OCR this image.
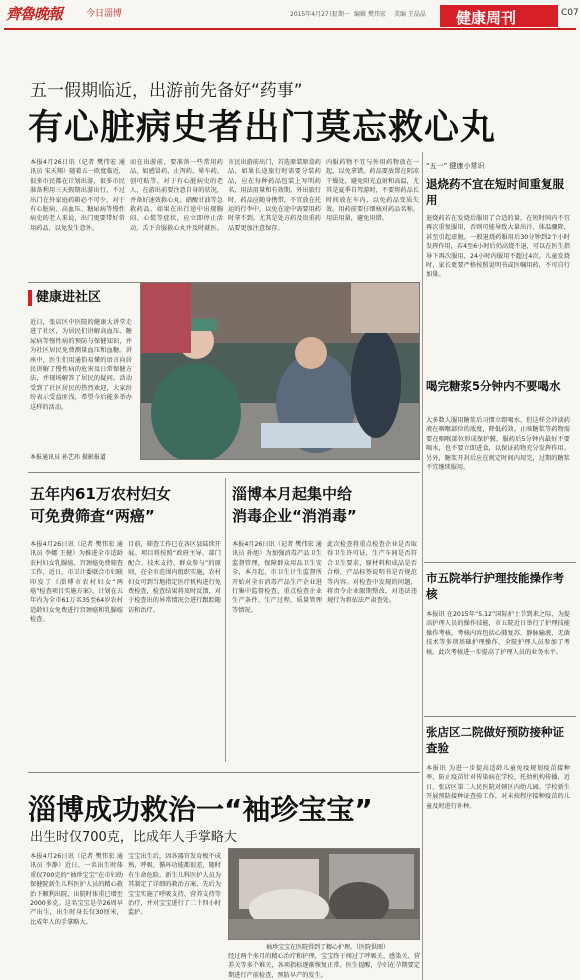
齊魯晚報	今日淄博	2015年4月27日
星期一 编辑 樊伟宏 美编 王晶晶 健康周刊	C07
五一假期临近，出游前先备好“药事”
有心脏病史者出门莫忘救心丸
本报4月26日讯（记者 樊伟宏 通讯员 宋天翔）随着五一欧度临近，很多市民都在计划出游，很多市民准备利用三天假期出游出行，不过出门在外家庭药箱必不可少，对于有心脏病、高血压、糖尿病等慢性病史的老人来说，出门更要带好常用药品，以免发生意外。
而在出游前，要准备一些常用药品，如感冒药、止泻药、晕车药、创可贴等。对于有心脏病史的老人，在游出前要注意自身的状况，并备好速效救心丸、硝酸甘油等急救药品，如果在出行途中出现胸闷、心慌等症状，应立即停止活动，舌下含服救心丸并及时就医。
市民出游前出门，首选原装原盒药品，如果长途旅行时需要分装药品，应在每种药品包装上写明药名、用法用量和有效期。外出旅行时，药品应随身携带，不宜放在托运的行李中，以免在途中需要用药时拿不到。尤其是处方药及贵重药品要更加注意保存。
内服药物不宜与外用药物放在一起，以免拿错。药品要放置在阴凉干燥处，避免阳光直射和高温，尤其是夏季自驾游时，不要将药品长时间放在车内，以免药品变质失效。用药前要仔细核对药品名称、用法用量，避免用错。
“五一” 健康小常识
退烧药不宜在短时间重复服用
退烧药若在发烧后服用了合适的量，在短时间内不宜再次重复服用，否则可能导致大量出汗、体温骤降，甚至引起虚脱。一般退烧药服用后30分钟到2个小时发挥作用，若4至6小时后仍高烧不退，可以在医生指导下再次服用，24小时内服用不超过4次。儿童发烧时，家长更要严格按照说明书或医嘱用药，不可自行加量。
喝完糖浆5分钟内不要喝水
大多数人服用糖浆后习惯立即喝水，但这样会冲淡药液在咽喉部位的浓度，降低药效。止咳糖浆等药物需要在咽喉部位形成保护膜，服药后5分钟内最好不要喝水，也不要立即进食，以保证药物充分发挥作用。另外，糖浆开封后应在规定时间内用完，过期的糖浆不宜继续服用。
市五院举行护理技能操作考核
本报讯 在2015年“5.12”国际护士节到来之际，为提高护理人员的操作技能，市五院近日举行了护理技能操作考核。考核内容包括心肺复苏、静脉输液、无菌技术等多项基础护理操作，全院护理人员参加了考核。此次考核进一步提高了护理人员的业务水平。
张店区二院做好预防接种证查验
本报讯 为进一步提高适龄儿童免疫规划疫苗接种率，防止疫苗针对传染病在学校、托幼机构传播，近日，张店区第二人民医院对辖区内幼儿园、学校新生开展预防接种证查验工作，对未按程序接种疫苗的儿童及时进行补种。
健康进社区
近日，张店区中医院的健康大讲堂走进了社区，为居民们讲解高血压、糖尿病等慢性病的预防与保健知识，并为社区居民免费测量血压和血糖。讲座中，医生们用通俗易懂的语言向居民讲解了慢性病的危害及日常保健方法，并现场解答了居民的疑问。活动受到了社区居民的热烈欢迎，大家纷纷表示受益匪浅，希望今后能多举办这样的活动。
本报通讯员 孙艺玮 摄影报道
五年内61万农村妇女
可免费筛查“两癌”
本报4月26日讯（记者 樊伟宏 通讯员 李娜 王健）为推进全市适龄农村妇女乳腺癌、宫颈癌免费筛查工作，近日，市卫计委联合市妇联印发了《淄博市农村妇女“两癌”检查项目实施方案》，计划在五年内为全市61万名35至64岁农村适龄妇女免费进行宫颈癌和乳腺癌检查。
目前，筛查工作已在各区县陆续开展。项目将按照“政府主导、部门配合、技术支持、群众参与”的原则，在全市范围内组织实施，农村妇女可到当地指定医疗机构进行免费检查，检查结果将及时反馈，对于检查出的异常情况会进行跟踪随访和治疗。
淄博本月起集中给
消毒企业“消消毒”
本报4月26日讯（记者 樊伟宏 通讯员 孙旭）为加强消毒产品卫生监督管理，保障群众用品卫生安全，本月起，市卫生计生监督所开始对全市消毒产品生产企业进行集中监督检查，重点检查企业生产条件、生产过程、质量管理等情况。
此次检查将重点检查企业是否取得卫生许可证，生产车间是否符合卫生要求，原材料和成品是否合格，产品标签说明书是否规范等内容。对检查中发现的问题，将责令企业限期整改，对违法违规行为将依法严肃查处。
淄博成功救治一“袖珍宝宝”
出生时仅700克，比成年人手掌略大
本报4月26日讯（记者 樊伟宏 通讯员 李静）近日，一名出生时体重仅700克的“袖珍宝宝”在市妇幼保健院新生儿科医护人员的精心救治下顺利出院，出院时体重已增至2000多克。这名宝宝是孕26周早产出生，出生时身长仅30厘米，比成年人的手掌略大。
宝宝出生后，因各器官发育极不成熟，呼吸、循环功能都很差，随时有生命危险。新生儿科医护人员为其制定了详细的救治方案，先后为宝宝实施了呼吸支持、营养支持等治疗，并对宝宝进行了二十四小时监护。
袖珍宝宝在医院得到了精心护理。（医院供图）
经过两个多月的精心治疗和护理，宝宝终于闯过了呼吸关、感染关、营养关等多个难关，各项指标逐渐恢复正常。医生提醒，孕妇在孕期要定期进行产前检查，预防早产的发生。
